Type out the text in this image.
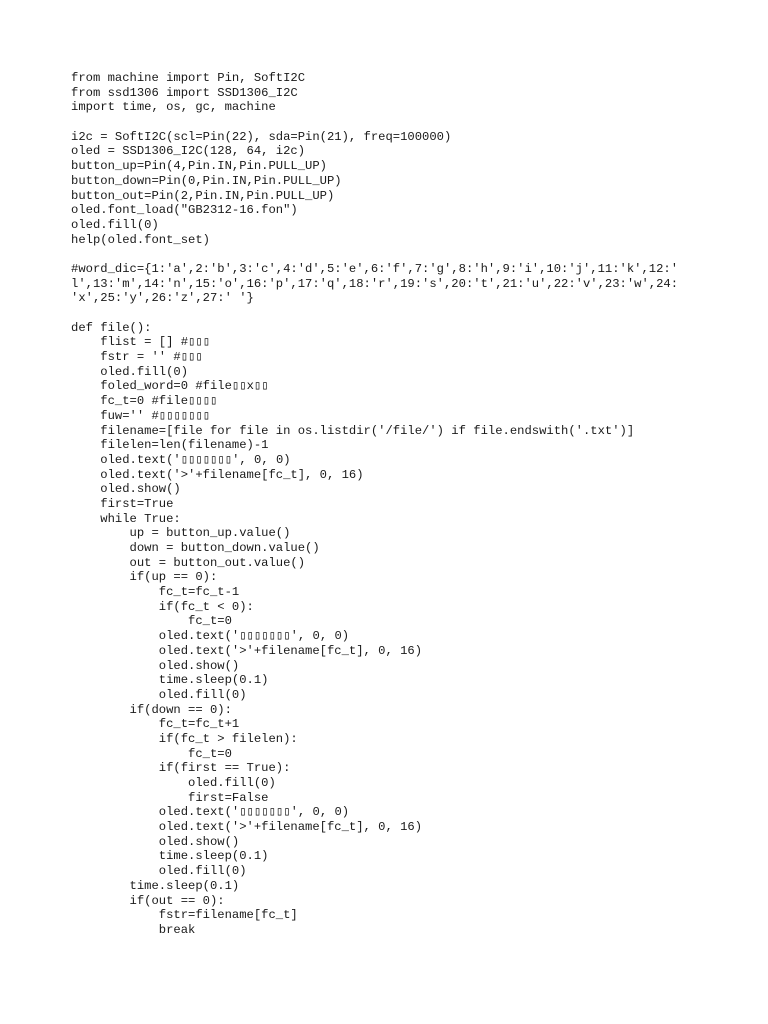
from machine import Pin, SoftI2C
from ssd1306 import SSD1306_I2C
import time, os, gc, machine
i2c = SoftI2C(scl=Pin(22), sda=Pin(21), freq=100000)
oled = SSD1306_I2C(128, 64, i2c)
button_up=Pin(4,Pin.IN,Pin.PULL_UP)
button_down=Pin(0,Pin.IN,Pin.PULL_UP)
button_out=Pin(2,Pin.IN,Pin.PULL_UP)
oled.font_load("GB2312-16.fon")
oled.fill(0)
help(oled.font_set)
#word_dic={1:'a',2:'b',3:'c',4:'d',5:'e',6:'f',7:'g',8:'h',9:'i',10:'j',11:'k',12:'
l',13:'m',14:'n',15:'o',16:'p',17:'q',18:'r',19:'s',20:'t',21:'u',22:'v',23:'w',24:
'x',25:'y',26:'z',27:' '}
def file():
flist = [] #▯▯▯
fstr = '' #▯▯▯
oled.fill(0)
foled_word=0 #file▯▯x▯▯
fc_t=0 #file▯▯▯▯
fuw='' #▯▯▯▯▯▯▯
filename=[file for file in os.listdir('/file/') if file.endswith('.txt')]
filelen=len(filename)-1
oled.text('▯▯▯▯▯▯▯', 0, 0)
oled.text('>'+filename[fc_t], 0, 16)
oled.show()
first=True
while True:
up = button_up.value()
down = button_down.value()
out = button_out.value()
if(up == 0):
fc_t=fc_t-1
if(fc_t < 0):
fc_t=0
oled.text('▯▯▯▯▯▯▯', 0, 0)
oled.text('>'+filename[fc_t], 0, 16)
oled.show()
time.sleep(0.1)
oled.fill(0)
if(down == 0):
fc_t=fc_t+1
if(fc_t > filelen):
fc_t=0
if(first == True):
oled.fill(0)
first=False
oled.text('▯▯▯▯▯▯▯', 0, 0)
oled.text('>'+filename[fc_t], 0, 16)
oled.show()
time.sleep(0.1)
oled.fill(0)
time.sleep(0.1)
if(out == 0):
fstr=filename[fc_t]
break
